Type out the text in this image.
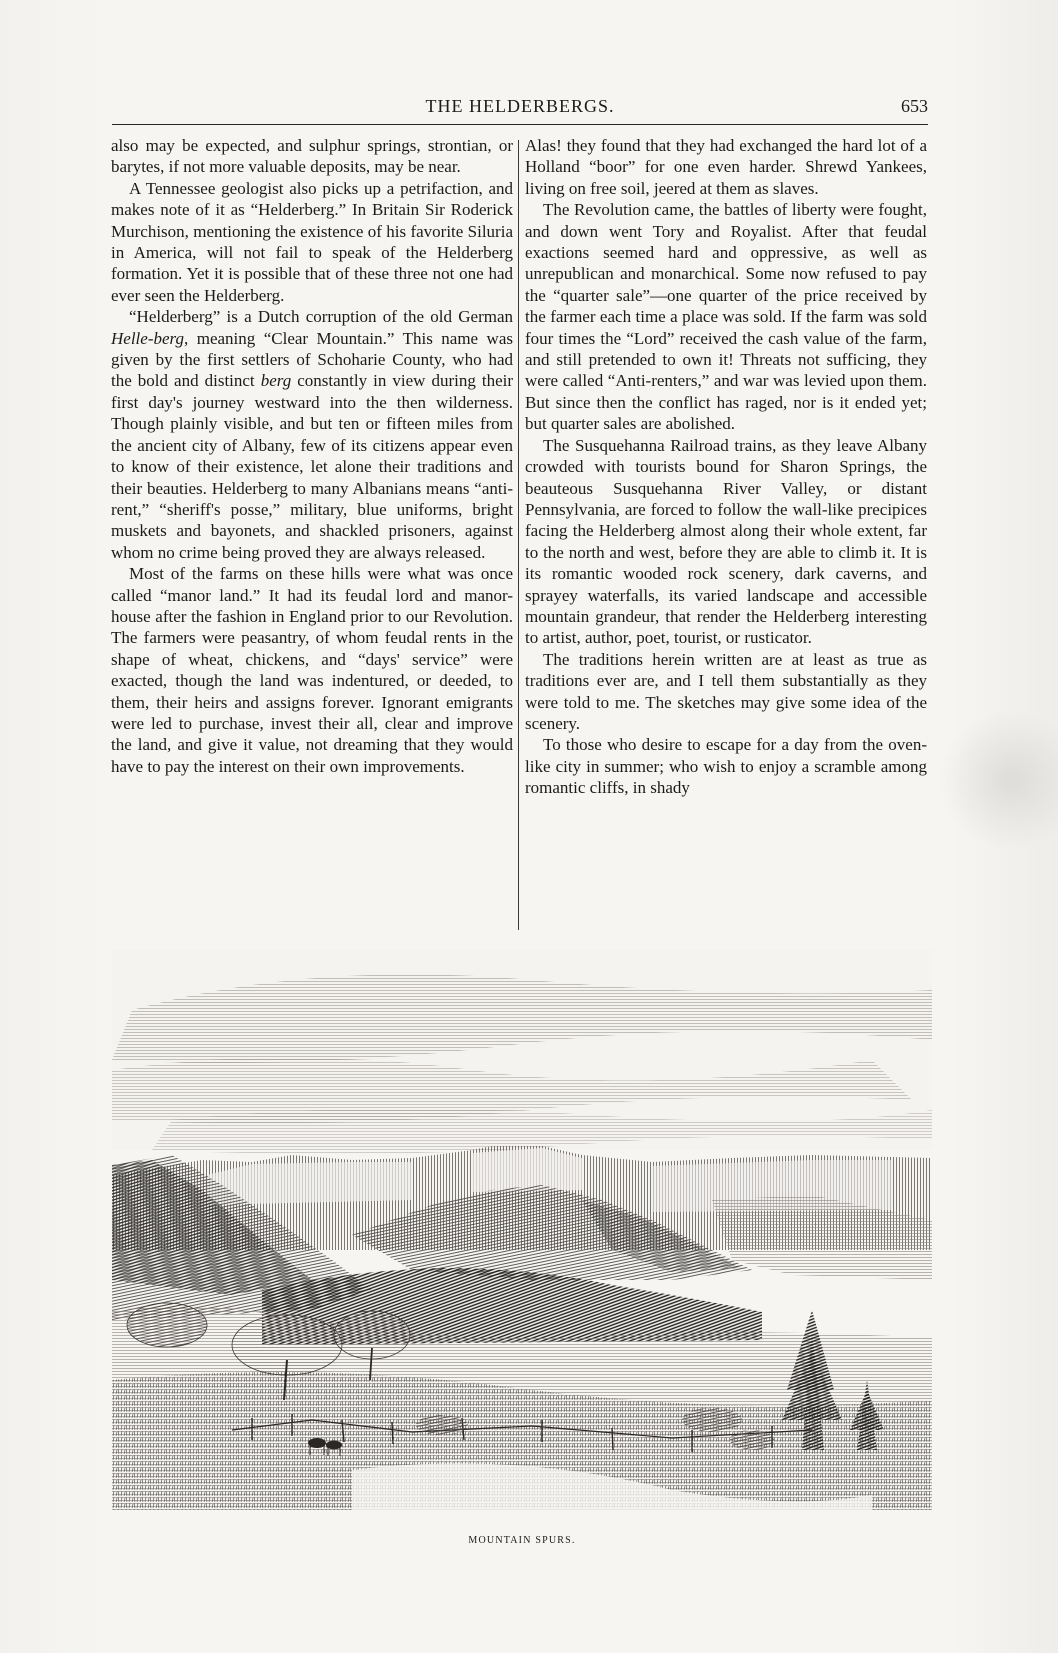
THE HELDERBERGS.	653

also may be expected, and sulphur springs, strontian, or barytes, if not more valuable deposits, may be near.

A Tennessee geologist also picks up a petrifaction, and makes note of it as “Helderberg.” In Britain Sir Roderick Murchison, mentioning the existence of his favorite Siluria in America, will not fail to speak of the Helderberg formation. Yet it is possible that of these three not one had ever seen the Helderberg.

“Helderberg” is a Dutch corruption of the old German Helle-berg, meaning “Clear Mountain.” This name was given by the first settlers of Schoharie County, who had the bold and distinct berg constantly in view during their first day's journey westward into the then wilderness. Though plainly visible, and but ten or fifteen miles from the ancient city of Albany, few of its citizens appear even to know of their existence, let alone their traditions and their beauties. Helderberg to many Albanians means “anti-rent,” “sheriff's posse,” military, blue uniforms, bright muskets and bayonets, and shackled prisoners, against whom no crime being proved they are always released.

Most of the farms on these hills were what was once called “manor land.” It had its feudal lord and manor-house after the fashion in England prior to our Revolution. The farmers were peasantry, of whom feudal rents in the shape of wheat, chickens, and “days' service” were exacted, though the land was indentured, or deeded, to them, their heirs and assigns forever. Ignorant emigrants were led to purchase, invest their all, clear and improve the land, and give it value, not dreaming that they would have to pay the interest on their own improvements.

Alas! they found that they had exchanged the hard lot of a Holland “boor” for one even harder. Shrewd Yankees, living on free soil, jeered at them as slaves.

The Revolution came, the battles of liberty were fought, and down went Tory and Royalist. After that feudal exactions seemed hard and oppressive, as well as unrepublican and monarchical. Some now refused to pay the “quarter sale”—one quarter of the price received by the farmer each time a place was sold. If the farm was sold four times the “Lord” received the cash value of the farm, and still pretended to own it! Threats not sufficing, they were called “Anti-renters,” and war was levied upon them. But since then the conflict has raged, nor is it ended yet; but quarter sales are abolished.

The Susquehanna Railroad trains, as they leave Albany crowded with tourists bound for Sharon Springs, the beauteous Susquehanna River Valley, or distant Pennsylvania, are forced to follow the wall-like precipices facing the Helderberg almost along their whole extent, far to the north and west, before they are able to climb it. It is its romantic wooded rock scenery, dark caverns, and sprayey waterfalls, its varied landscape and accessible mountain grandeur, that render the Helderberg interesting to artist, author, poet, tourist, or rusticator.

The traditions herein written are at least as true as traditions ever are, and I tell them substantially as they were told to me. The sketches may give some idea of the scenery.

To those who desire to escape for a day from the oven-like city in summer; who wish to enjoy a scramble among romantic cliffs, in shady

MOUNTAIN SPURS.
